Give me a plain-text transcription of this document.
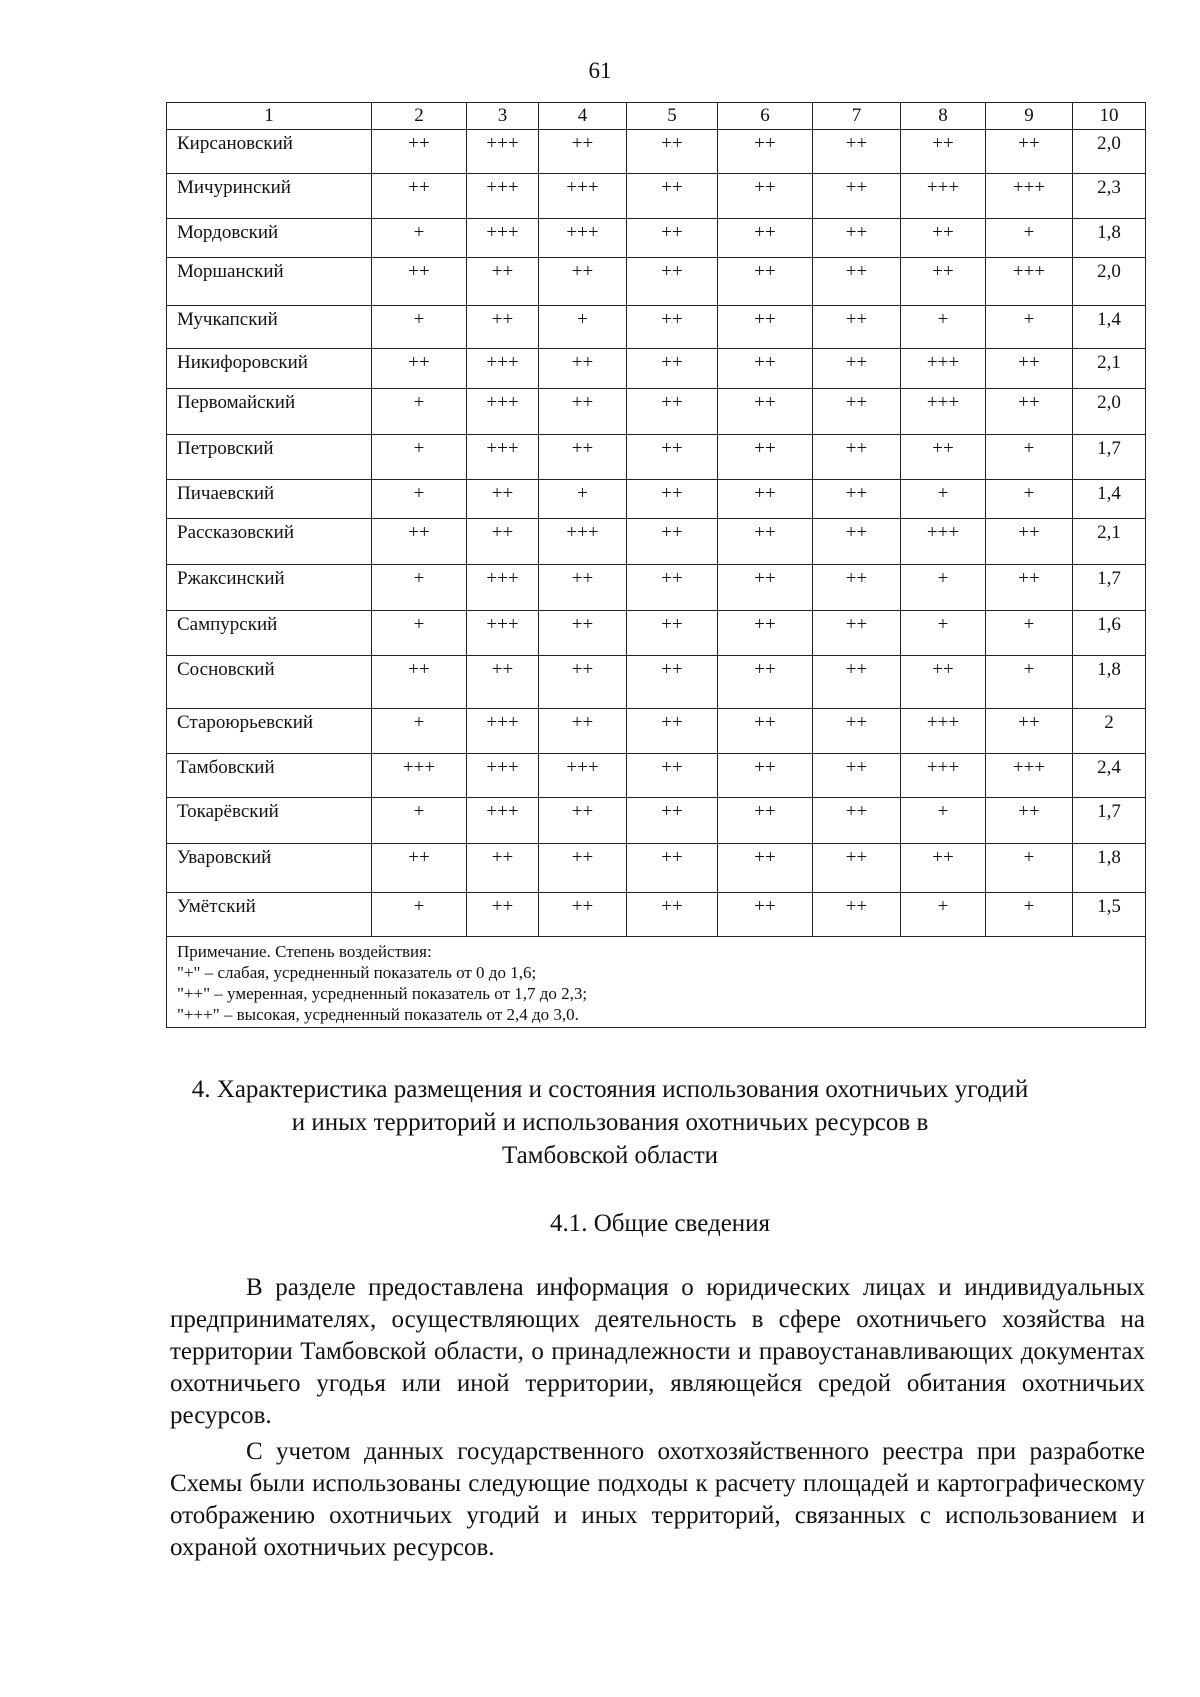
61
1	2	3	4	5	6	7	8	9	10
Кирсановский	++	+++	++	++	++	++	++	++	2,0
Мичуринский	++	+++	+++	++	++	++	+++	+++	2,3
Мордовский	+	+++	+++	++	++	++	++	+	1,8
Моршанский	++	++	++	++	++	++	++	+++	2,0
Мучкапский	+	++	+	++	++	++	+	+	1,4
Никифоровский	++	+++	++	++	++	++	+++	++	2,1
Первомайский	+	+++	++	++	++	++	+++	++	2,0
Петровский	+	+++	++	++	++	++	++	+	1,7
Пичаевский	+	++	+	++	++	++	+	+	1,4
Рассказовский	++	++	+++	++	++	++	+++	++	2,1
Ржаксинский	+	+++	++	++	++	++	+	++	1,7
Сампурский	+	+++	++	++	++	++	+	+	1,6
Сосновский	++	++	++	++	++	++	++	+	1,8
Староюрьевский	+	+++	++	++	++	++	+++	++	2
Тамбовский	+++	+++	+++	++	++	++	+++	+++	2,4
Токарёвский	+	+++	++	++	++	++	+	++	1,7
Уваровский	++	++	++	++	++	++	++	+	1,8
Умётский	+	++	++	++	++	++	+	+	1,5

Примечание. Степень воздействия:
"+" – слабая, усредненный показатель от 0 до 1,6;
"++" – умеренная, усредненный показатель от 1,7 до 2,3;
"+++" – высокая, усредненный показатель от 2,4 до 3,0.									
4. Характеристика размещения и состояния использования охотничьих угодий
и иных территорий и использования охотничьих ресурсов в
Тамбовской области
4.1. Общие сведения

В разделе предоставлена информация о юридических лицах и индивидуальных предпринимателях, осуществляющих деятельность в сфере охотничьего хозяйства на территории Тамбовской области, о принадлежности и правоустанавливающих документах охотничьего угодья или иной территории, являющейся средой обитания охотничьих ресурсов.

С учетом данных государственного охотхозяйственного реестра при разработке Схемы были использованы следующие подходы к расчету площадей и картографическому отображению охотничьих угодий и иных территорий, связанных с использованием и охраной охотничьих ресурсов.
